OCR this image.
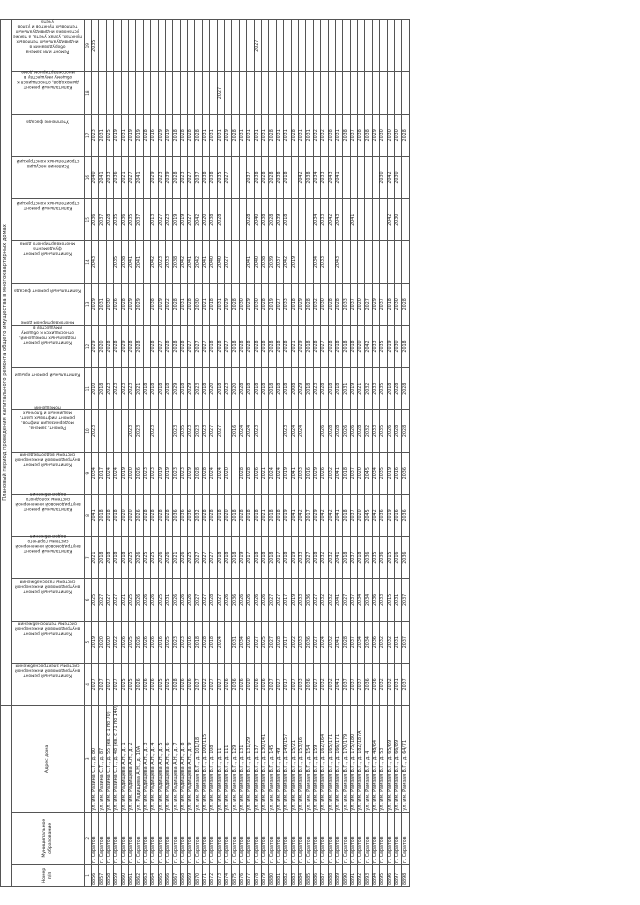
			Плановый период проведения капитального ремонта общего имущества в многоквартирных домах															
Номер п/п	Муниципальное образование	Адрес дома	Капитальный ремонт внутридомовой инженерной системы электроснабжения	Капитальный ремонт внутридомовой инженерной системы теплоснабжения	Капитальный ремонт внутридомовой инженерной системы газоснабжения	Капитальный ремонт внутридомовой инженерной системы горячего водоснабжения	Капитальный ремонт внутридомовой инженерной системы холодного водоснабжения	Капитальный ремонт внутридомовой инженерной системы водоотведения	Ремонт, замена, модернизация лифтов, ремонт лифтовых шахт, машинных и блочных помещений	Капитальный ремонт крыши	Капитальный ремонт подвальных помещений, относящихся к общему имуществу в многоквартирном доме	Капитальный ремонт фасада	Капитальный ремонт фундамента многоквартирного дома	Капитальный ремонт строительных конструкций	Усиление несущих строительных конструкций	Утепление фасада	Капитальный ремонт дымоходов, относящихся к общему имуществу в многоквартирном доме	Ремонт или замена оборудования в индивидуальных тепловых пунктах, узлах учета, а также установка индивидуальных тепловых пунктов и узлов учета
1	2	3	4	5	6	7	8	9	10	11	12	13	14	15	16	17	18	19
8856	г. Саратов	ул. им. Разина С.Т., д. 80	2027	2019	2025	2021	2041	2034	2023	2010	2029	2029	2043	2036	2040	2023		2035
8857	г. Саратов	ул. им. Разина С.Т., д. 87	2027	2020	2027	2018	2018	2017		2018	2020	2031		2037	2041	2031		
8858	г. Саратов	ул. им. Разина С.Т., д. 55 (кв. с 1 по 70)	2027	2020	2027	2018	2018	2024		2023	2028	2030		2028	2033	2025		
8859	г. Саратов	ул. им. Разина С.Т., д. 48 (кв. с 71 по 140)	2027	2022	2027	2018	2018	2024		2023	2028	2026	2035	2035	2036	2019		
8860	г. Саратов	ул. им. Радищева А.Н., д. 1	2025	2026	2021	2018	2020	2019		2023	2029	2028	2038	2036	2021	2031		
8861	г. Саратов	ул. им. Радищева А.Н., д. 2	2025	2025	2025	2025	2020	2020	2023	2023	2028	2029	2041	2035	2027	2019		
8862	г. Саратов	ул. Радищева А.Н., д. 10А	2026	2026	2026	2026	2026	2026	2023	2021	2028	2029	2041	2037	2041	2019		
8863	г. Саратов	ул. им. Радищева А.Н., д. 3	2026	2026	2026	2025	2028	2023		2018						2028		
8864	г. Саратов	ул. им. Радищева А.Н., д. 4	2026	2026	2026	2025	2028	2023	2023	2018	2028	2038	2042	2013	2029	2016		
8865	г. Саратов	ул. им. Радищева А.Н., д. 5	2025	2016	2025	2026	2028	2019		2018	2027	2029	2023	2027	2023	2029		
8866	г. Саратов	ул. им. Радищева А.Н., д. 6	2025	2025	2031	2026	2028	2019		2018	2028	2022	2033	2023	2039	2019		
8867	г. Саратов	ул. им. Радищева А.Н., д. 7	2028	2023	2026	2021	2036	2023	2023	2029	2028	2028	2038	2019	2028	2018		
8868	г. Саратов	ул. им. Радищева А.Н., д. 8	2026	2023	2026	2026	2036	2023	2035	2018	2028	2031	2042	2019	2023	2028		
8869	г. Саратов	ул. им. Радищева А.Н., д. 9	2026	2016	2026	2025	2036	2029	2023	2029	2027	2028	2041	2027	2027	2028		
8870	г. Саратов	ул. им. Рамзая В.Г., д. 101/18	2027	2018	2027	2027	2032	2028	2023	2023	2027	2030	2042	2042	2037	2028		
8871	г. Саратов	ул. им. Рамзая В.Г., д. 100/115	2022	2028	2027	2027	2028	2028	2023	2018	2027	2021	2041	2020	2038	2031		
8872	г. Саратов	ул. им. Рамзая В.Г., д. 108	2027	2018	2028	2027	2028	2024	2027	2020	2018	2018	2040	2038	2038	2031		
8873	г. Саратов	ул. им. Рамзая В.Г., д. 11	2027	2024	2027	2018	2018	2024	2027	2018	2028	2031	2040	2028	2035	2031	2027	
8874	г. Саратов	ул. им. Рамзая В.Г., д. 111	2026		2026	2018	2020	2020		2023	2027	2029	2027		2027	2029		
8875	г. Саратов	ул. им. Рамзая В.Г., д. 129	2036	2031	2036	2018	2018		2016	2020	2018	2028				2028		
8876	г. Саратов	ул. им. Рамзая В.Г., д. 131	2026	2034	2026	2019	2028	2028	2024	2028	2028	2030				2031		
8877	г. Саратов	ул. им. Рамзая В.Г., д. 131/29	2020	2026	2026	2017	2018	2028	2024	2018	2028	2029	2041	2028	2037	2031		
8878	г. Саратов	ул. им. Рамзая В.Г., д. 137	2026	2027	2026	2018	2018	2026	2023	2018	2028	2030	2040	2040	2038	2031		2027
8879	г. Саратов	ул. им. Рамзая В.Г., д. 130/141	2026	2025	2026	2018	2021	2021		2018	2018	2028	2038	2038	2028	2031		
8880	г. Саратов	ул. им. Рамзая В.Г., д. 145	2027	2027	2027	2018	2018	2024		2018	2028	2019	2039	2028	2028	2028		
8881	г. Саратов	ул. им. Рамзая В.Г., д. 49	2027	2028	2027	2017	2018	2024		2018	2018	2027	2037	2039	2038	2031		
8882	г. Саратов	ул. им. Рамзая В.Г., д. 149/157	2017	2017	2017	2018	2019	2019	2023	2018	2028	2033	2042	2018	2018	2031		
8883	г. Саратов	ул. им. Рамзая В.Г., д. 15/21	2027	2022	2019	2019	2041	2041	2024	2008	2021	2018	2019			2028		
8884	г. Саратов	ул. им. Рамзая В.Г., д. 153/16	2033	2033	2033	2033	2042	2033	2024	2029	2029	2029			2042	2031		
8885	г. Саратов	ул. им. Рамзая В.Г., д. 154	2036	2036	2036	2027	2017	2016		2018	2018	2028			2038	2031		
8886	г. Саратов	ул. им. Рамзая В.Г., д. 159	2027	2027	2027	2018	2029	2029		2023	2028	2032	2034	2034	2034	2032		
8887	г. Саратов	ул. им. Рамзая В.Г., д. 162/164	2032	2024	2032	2032	2042	2026	2026	2028	2027	2030	2033	2033	2033	2032		
8888	г. Саратов	ул. им. Рамзая В.Г., д. 165/171	2032	2032	2032	2032	2042	2032	2028	2018	2028	2028		2042	2043	2038		
8889	г. Саратов	ул. им. Рамзая В.Г., д. 166/171	2041	2041	2041	2041	2041	2041	2028	2018	2018	2028	2043	2043	2041	2031		
8890	г. Саратов	ул. им. Рамзая В.Г., д. 170/179	2037	2028	2027	2018	2018	2018	2026	2031	2018	2033				2038		
8891	г. Саратов	ул. им. Рамзая В.Г., д. 175/180	2037	2037	2037	2037	2037	2037	2026	2019	2018	2037		2041		2037		
8892	г. Саратов	ул. им. Рамзая В.Г., д. 182/187А	2037	2034	2034	2018	2020	2020	2028	2021	2020	2020				2038		
8893	г. Саратов	ул. им. Рамзая В.Г., д. 4	2036	2034	2034	2036	2045	2045	2032	2032	2042	2027				2038		
8894	г. Саратов	ул. им. Рамзая В.Г., д. 48/64	2036	2036	2036	2035	2042	2034	2033	2033	2033	2029				2029		
8895	г. Саратов	ул. им. Рамзая В.Г., д. 53	2032	2032	2033	2036	2036	2035	2035	2035	2035	2037			2030	2030		
8896	г. Саратов	ул. им. Рамзая В.Г., д. 65/69	2032	2032	2015	2015	2019	2019	2026	2018	2019	2018		2042	2042	2030		
8897	г. Саратов	ул. им. Рамзая В.Г., д. 66/89	2031	2031	2031	2016	2016	2016	2028	2028	2030	2030		2030	2030	2030		
8898	г. Саратов	ул. им. Рамзая В.Г., д. 64/71	2037	2037	2037	2036	2036	2036	2028	2028	2018	2028				2028		
